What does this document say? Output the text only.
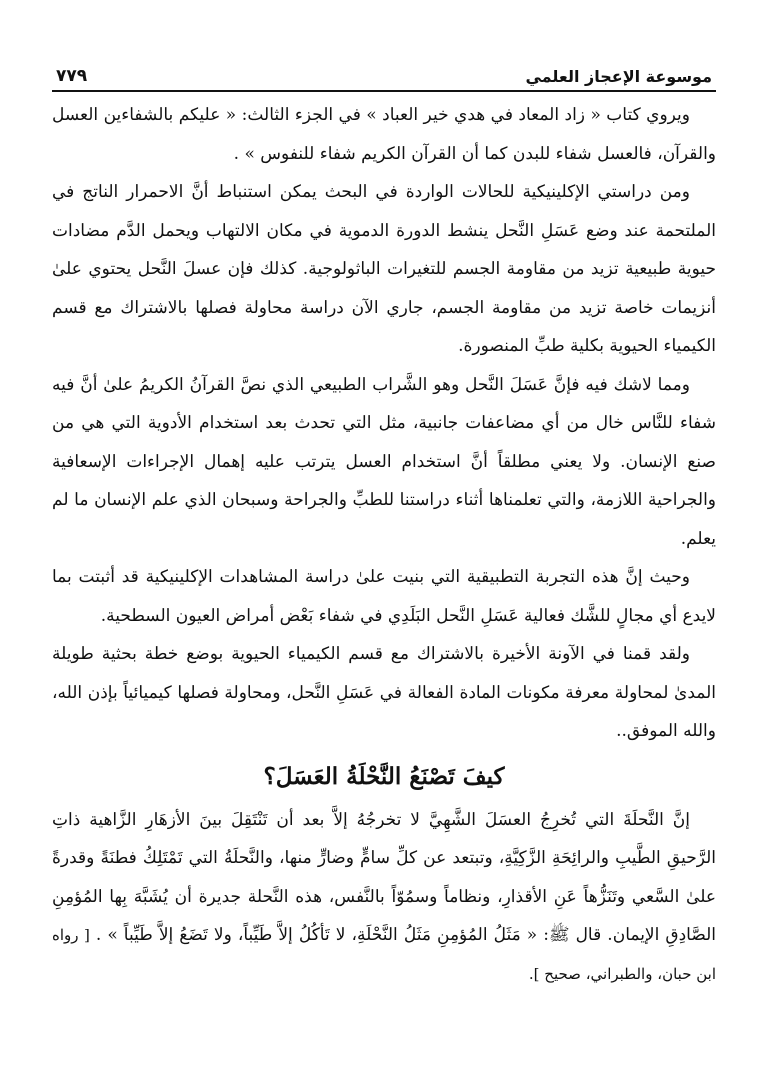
موسوعة الإعجاز العلمي
٧٧٩

ويروي كتاب « زاد المعاد في هدي خير العباد » في الجزء الثالث: « عليكم بالشفاءين العسل والقرآن، فالعسل شفاء للبدن كما أن القرآن الكريم شفاء للنفوس » .

ومن دراستي الإكلينيكية للحالات الواردة في البحث يمكن استنباط أنَّ الاحمرار الناتج في الملتحمة عند وضع عَسَلِ النَّحل ينشط الدورة الدموية في مكان الالتهاب ويحمل الدَّم مضادات حيوية طبيعية تزيد من مقاومة الجسم للتغيرات الباثولوجية. كذلك فإن عسلَ النَّحل يحتوي علىٰ أنزيمات خاصة تزيد من مقاومة الجسم، جاري الآن دراسة محاولة فصلها بالاشتراك مع قسم الكيمياء الحيوية بكلية طبِّ المنصورة.

ومما لاشك فيه فإنَّ عَسَلَ النَّحل وهو الشَّراب الطبيعي الذي نصَّ القرآنُ الكريمُ علىٰ أنَّ فيه شفاء للنَّاس خال من أي مضاعفات جانبية، مثل التي تحدث بعد استخدام الأدوية التي هي من صنع الإنسان. ولا يعني مطلقاً أنَّ استخدام العسل يترتب عليه إهمال الإجراءات الإسعافية والجراحية اللازمة، والتي تعلمناها أثناء دراستنا للطبِّ والجراحة وسبحان الذي علم الإنسان ما لم يعلم.

وحيث إنَّ هذه التجربة التطبيقية التي بنيت علىٰ دراسة المشاهدات الإكلينيكية قد أثبتت بما لايدع أي مجالٍ للشَّك فعالية عَسَلِ النَّحل البَلَدِي في شفاء بَعْض أمراض العيون السطحية.

ولقد قمنا في الآونة الأخيرة بالاشتراك مع قسم الكيمياء الحيوية بوضع خطة بحثية طويلة المدىٰ لمحاولة معرفة مكونات المادة الفعالة في عَسَلِ النَّحل، ومحاولة فصلها كيميائياً بإذن الله، والله الموفق..

كيفَ تَصْنَعُ النَّحْلَةُ العَسَلَ؟

إنَّ النَّحلَةَ التي تُخرِجُ العسَلَ الشَّهِيَّ لا تخرجُهُ إلاَّ بعد أن تَنْتَقِلَ بينَ الأزهَارِ الزَّاهية ذاتِ الرَّحيقِ الطَّيبِ والرائِحَةِ الزَّكِيَّةِ، وتبتعد عن كلِّ سامٍّ وضارٍّ منها، والنَّحلَةُ التي تَمْتَلِكُ فطنَةً وقدرةً علىٰ السَّعي وتَنَزُّهاً عَنِ الأقذارِ، ونظاماً وسمُوّاً بالنَّفس، هذه النَّحلة جديرة أن يُشَبَّهَ بِها المُؤمِنِ الصَّادِقِ الإيمان. قال ﷺ: « مَثَلُ المُؤمِنِ مَثَلُ النَّحْلَةِ، لا تَأكُلُ إلاَّ طَيِّباً، ولا تَضَعُ إلاَّ طَيِّباً » . [ رواه ابن حبان، والطبراني، صحيح ].
